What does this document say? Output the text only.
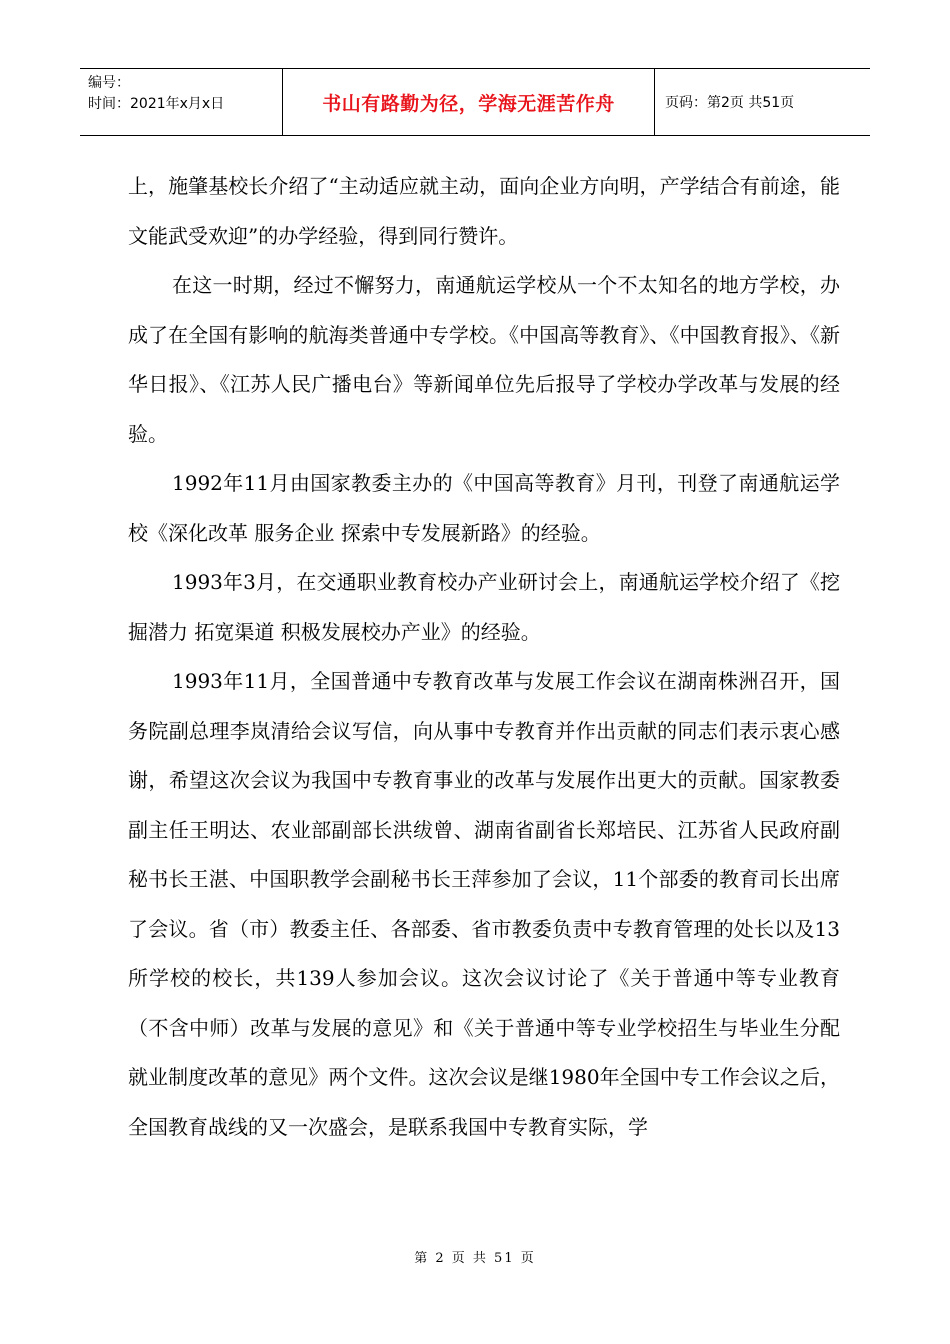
编号：
时间：2021年x月x日	书山有路勤为径，学海无涯苦作舟	页码：第2页 共51页

上，施肇基校长介绍了“主动适应就主动，面向企业方向明，产学结合有前途，能文能武受欢迎”的办学经验，得到同行赞许。

在这一时期，经过不懈努力，南通航运学校从一个不太知名的地方学校，办成了在全国有影响的航海类普通中专学校。《中国高等教育》、《中国教育报》、《新华日报》、《江苏人民广播电台》等新闻单位先后报导了学校办学改革与发展的经验。

1992年11月由国家教委主办的《中国高等教育》月刊，刊登了南通航运学校《深化改革 服务企业 探索中专发展新路》的经验。

1993年3月，在交通职业教育校办产业研讨会上，南通航运学校介绍了《挖掘潜力 拓宽渠道 积极发展校办产业》的经验。

1993年11月，全国普通中专教育改革与发展工作会议在湖南株洲召开，国务院副总理李岚清给会议写信，向从事中专教育并作出贡献的同志们表示衷心感谢，希望这次会议为我国中专教育事业的改革与发展作出更大的贡献。国家教委副主任王明达、农业部副部长洪绂曾、湖南省副省长郑培民、江苏省人民政府副秘书长王湛、中国职教学会副秘书长王萍参加了会议，11个部委的教育司长出席了会议。省（市）教委主任、各部委、省市教委负责中专教育管理的处长以及13所学校的校长，共139人参加会议。这次会议讨论了《关于普通中等专业教育（不含中师）改革与发展的意见》和《关于普通中等专业学校招生与毕业生分配就业制度改革的意见》两个文件。这次会议是继1980年全国中专工作会议之后，全国教育战线的又一次盛会，是联系我国中专教育实际，学

第 2 页 共 51 页
